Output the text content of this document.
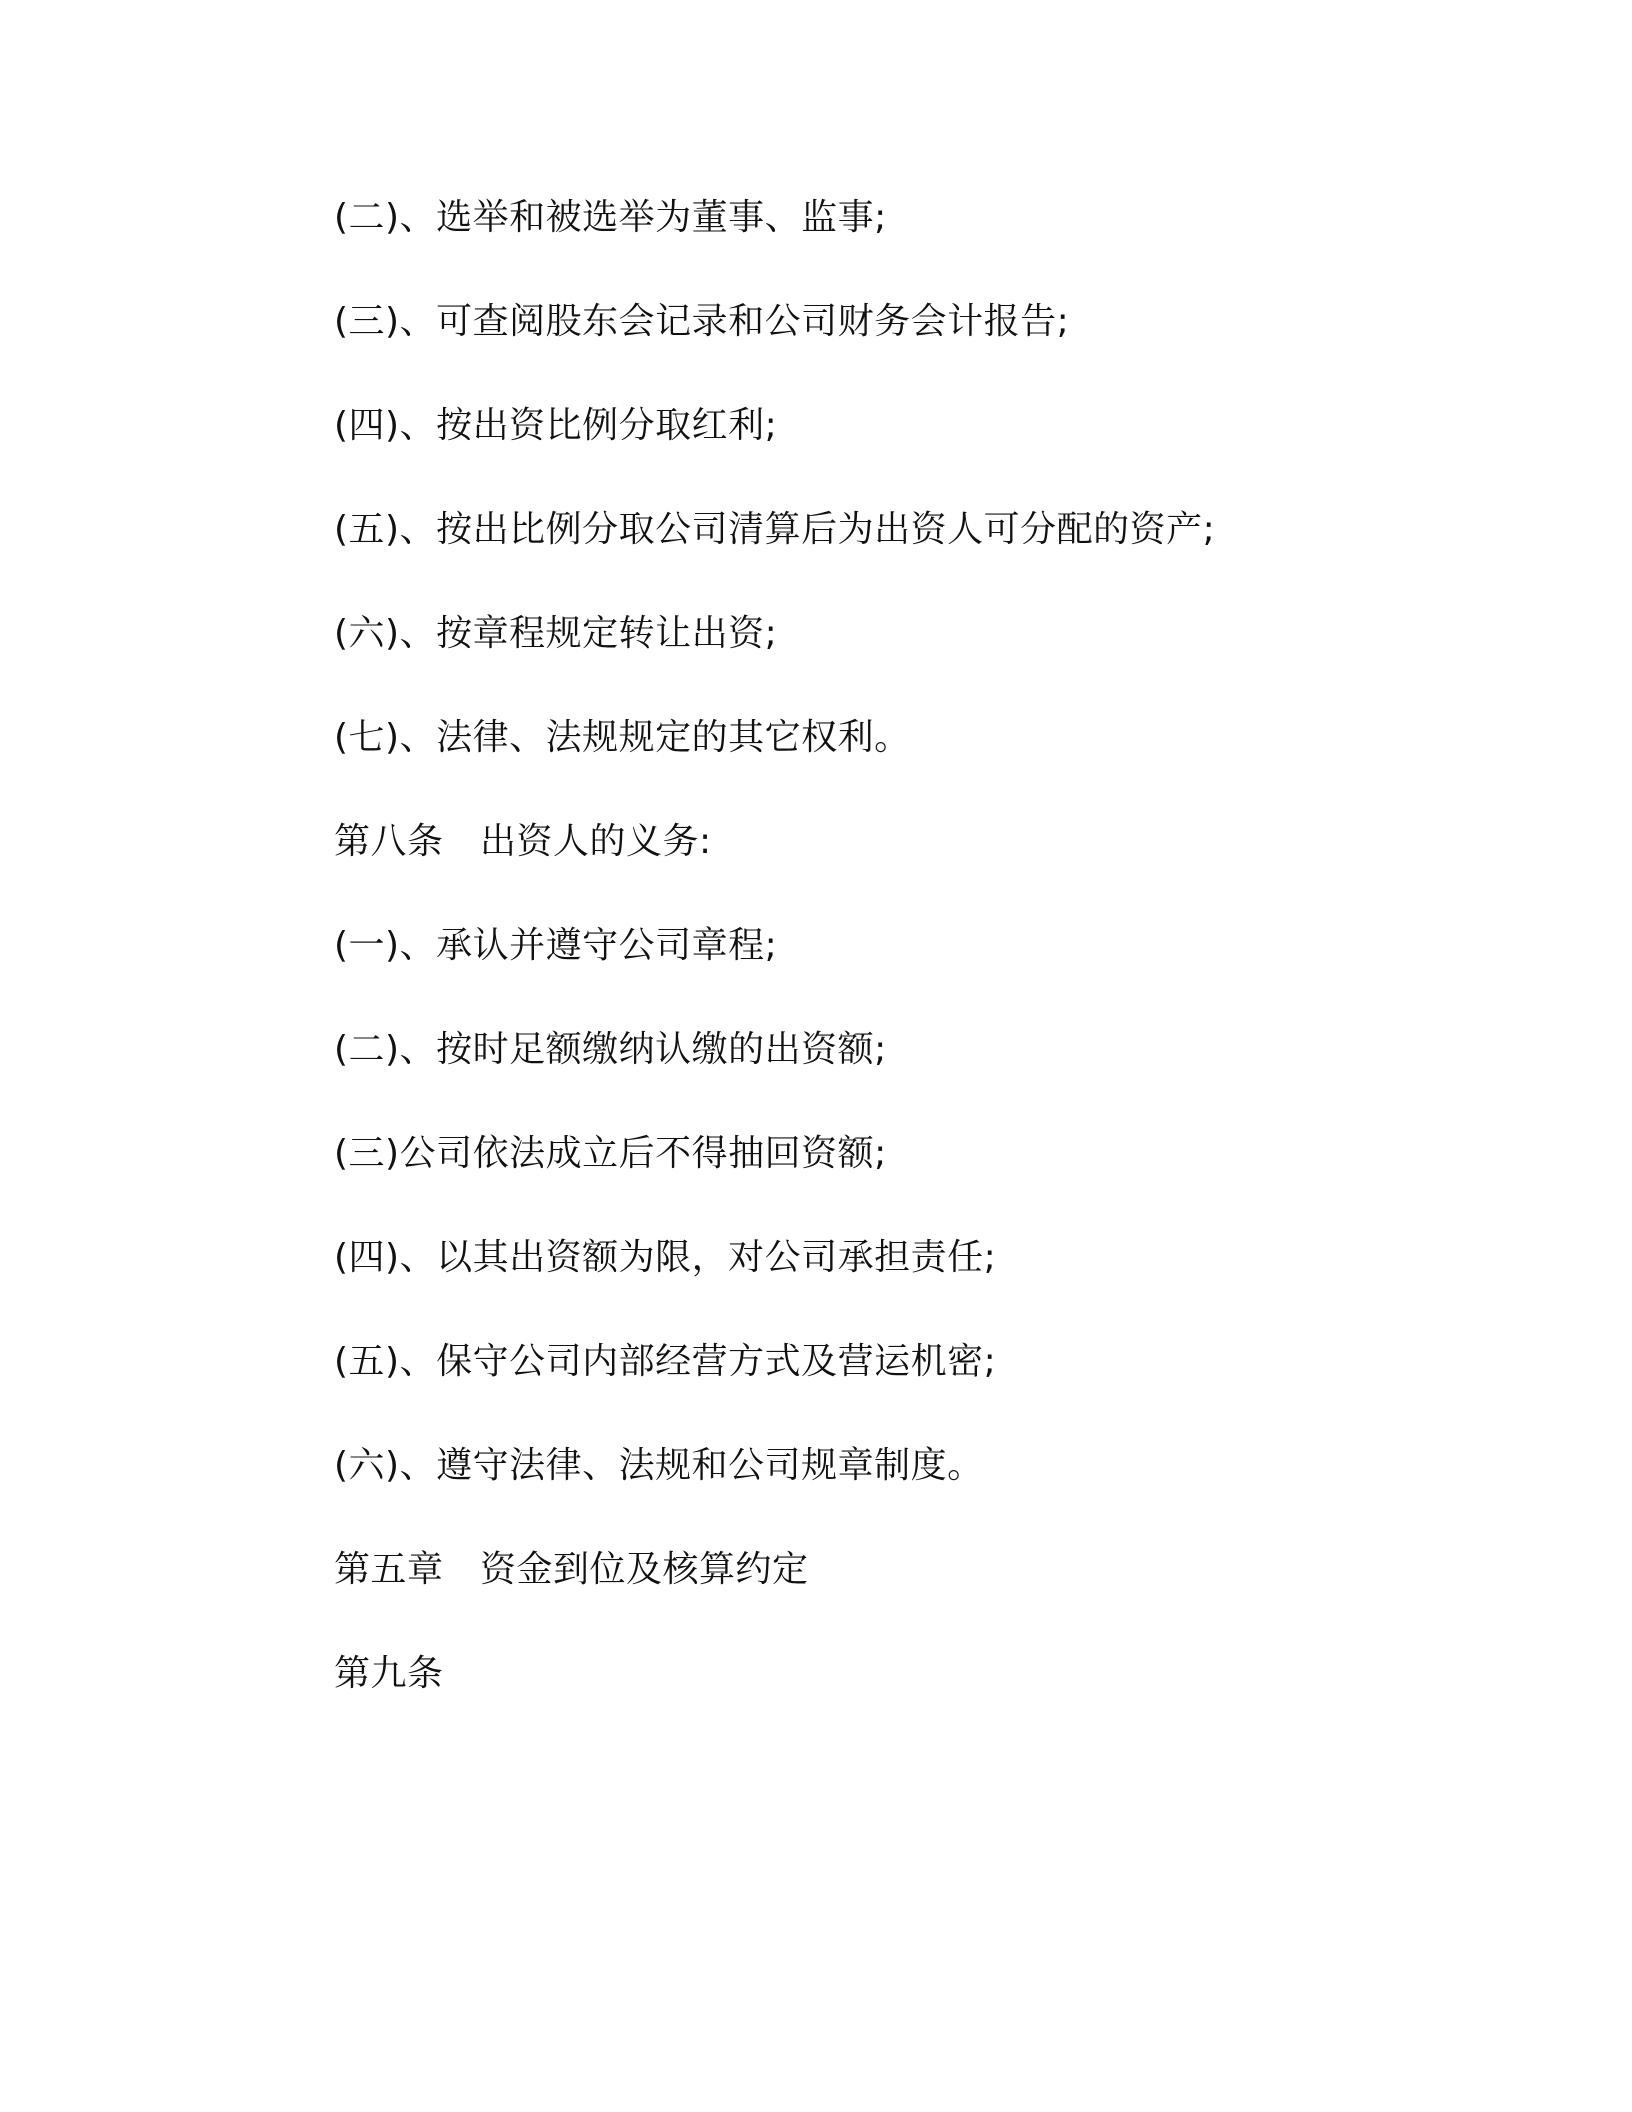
(二)、选举和被选举为董事、监事;
(三)、可查阅股东会记录和公司财务会计报告;
(四)、按出资比例分取红利;
(五)、按出比例分取公司清算后为出资人可分配的资产;
(六)、按章程规定转让出资;
(七)、法律、法规规定的其它权利。
第八条　出资人的义务:
(一)、承认并遵守公司章程;
(二)、按时足额缴纳认缴的出资额;
(三)公司依法成立后不得抽回资额;
(四)、以其出资额为限，对公司承担责任;
(五)、保守公司内部经营方式及营运机密;
(六)、遵守法律、法规和公司规章制度。
第五章　资金到位及核算约定
第九条
